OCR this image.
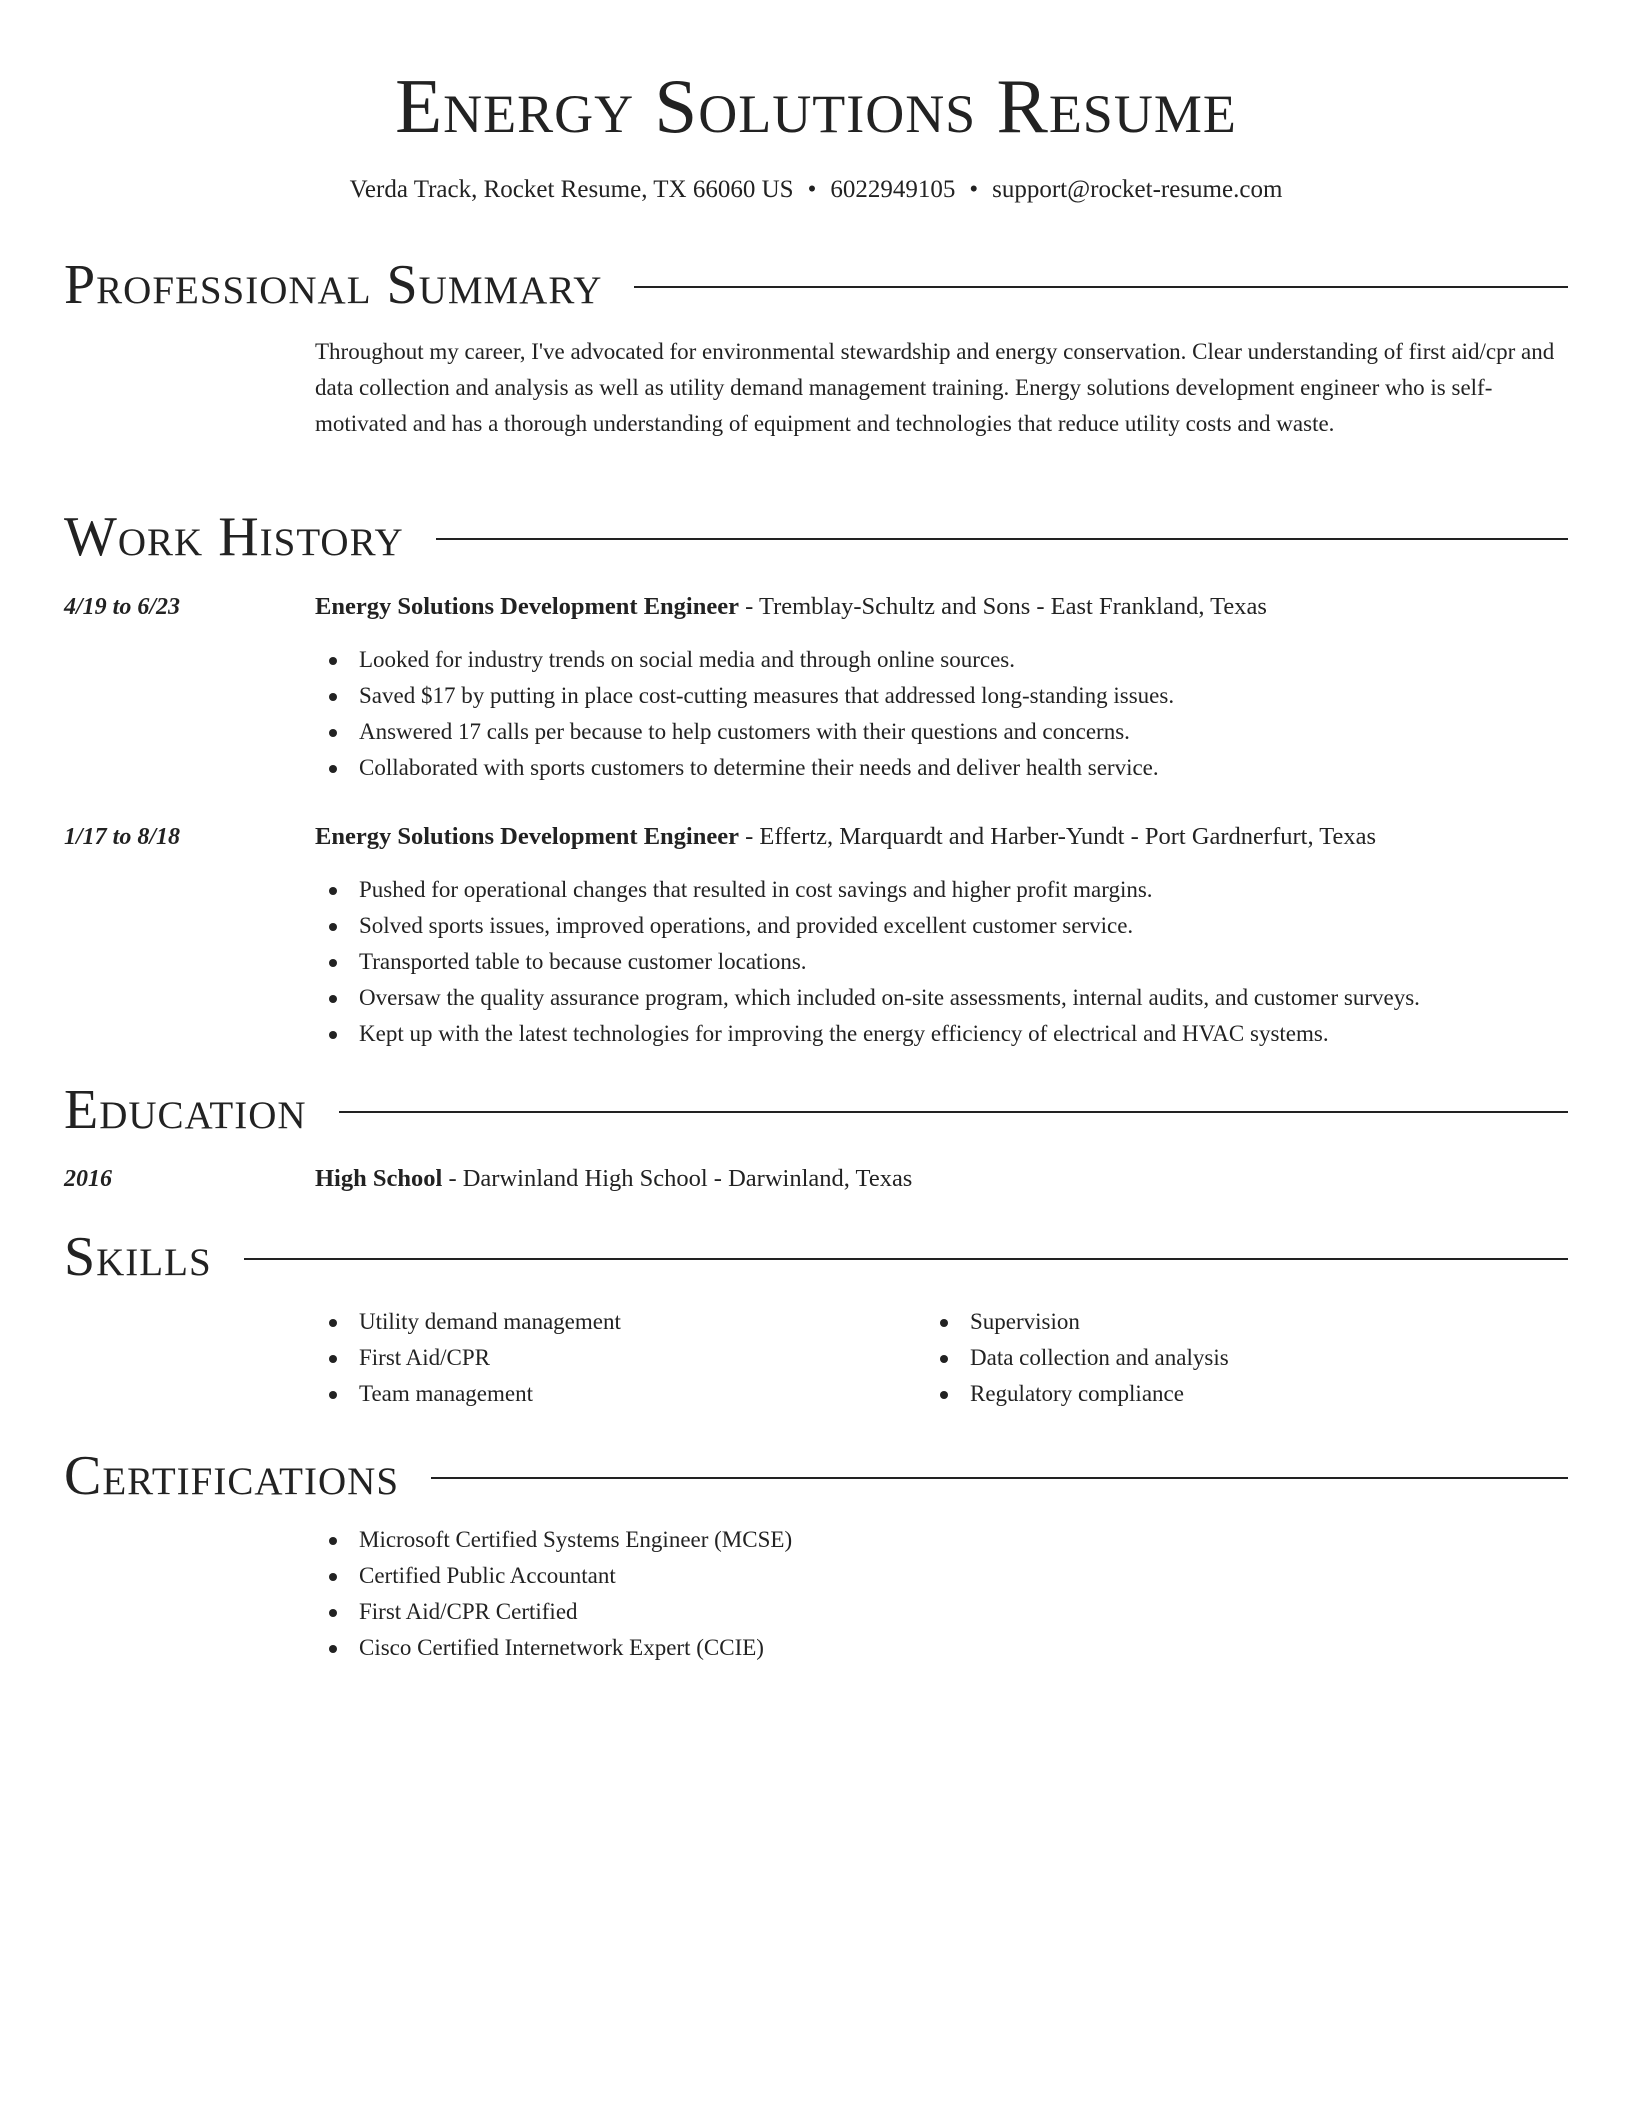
Energy Solutions Resume
Verda Track, Rocket Resume, TX 66060 US • 6022949105 • support@rocket-resume.com
Professional Summary

Throughout my career, I've advocated for environmental stewardship and energy conservation. Clear understanding of first aid/cpr and data collection and analysis as well as utility demand management training. Energy solutions development engineer who is self-motivated and has a thorough understanding of equipment and technologies that reduce utility costs and waste.

Work History
4/19 to 6/23	Energy Solutions Development Engineer - Tremblay-Schultz and Sons - East Frankland, Texas
Looked for industry trends on social media and through online sources.
Saved $17 by putting in place cost-cutting measures that addressed long-standing issues.
Answered 17 calls per because to help customers with their questions and concerns.
Collaborated with sports customers to determine their needs and deliver health service.
1/17 to 8/18	Energy Solutions Development Engineer - Effertz, Marquardt and Harber-Yundt - Port Gardnerfurt, Texas
Pushed for operational changes that resulted in cost savings and higher profit margins.
Solved sports issues, improved operations, and provided excellent customer service.
Transported table to because customer locations.
Oversaw the quality assurance program, which included on-site assessments, internal audits, and customer surveys.
Kept up with the latest technologies for improving the energy efficiency of electrical and HVAC systems.
Education
2016	High School - Darwinland High School - Darwinland, Texas
Skills
Utility demand management
First Aid/CPR
Team management
Supervision
Data collection and analysis
Regulatory compliance
Certifications
Microsoft Certified Systems Engineer (MCSE)
Certified Public Accountant
First Aid/CPR Certified
Cisco Certified Internetwork Expert (CCIE)
